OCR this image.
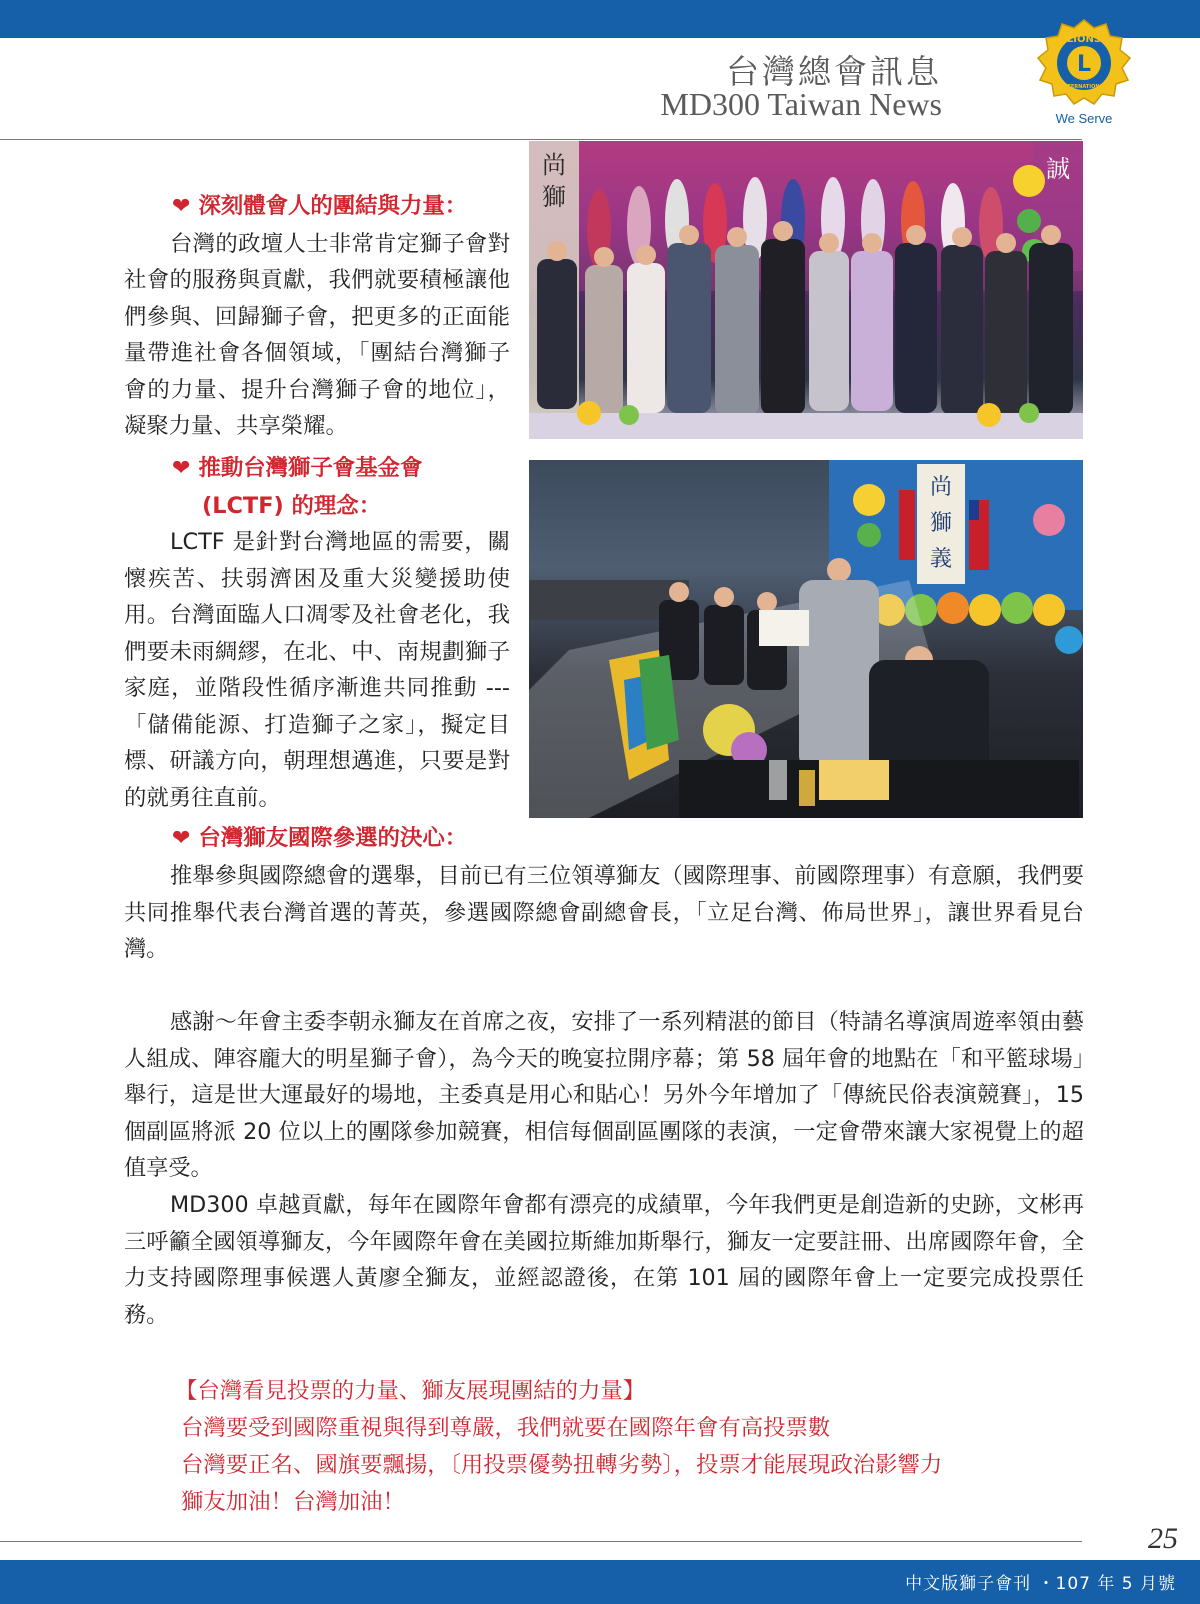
台灣總會訊息
MD300 Taiwan News
L
LIONS
INTERNATIONAL
We Serve
尚
獅
誠
尚
獅
義
❤ 深刻體會人的團結與力量：

台灣的政壇人士非常肯定獅子會對社會的服務與貢獻，我們就要積極讓他們參與、回歸獅子會，把更多的正面能量帶進社會各個領域，「團結台灣獅子會的力量、提升台灣獅子會的地位」，凝聚力量、共享榮耀。

❤ 推動台灣獅子會基金會
(LCTF) 的理念：

LCTF 是針對台灣地區的需要，關懷疾苦、扶弱濟困及重大災變援助使用。台灣面臨人口凋零及社會老化，我們要未雨綢繆，在北、中、南規劃獅子家庭，並階段性循序漸進共同推動 ---「儲備能源、打造獅子之家」，擬定目標、研議方向，朝理想邁進，只要是對的就勇往直前。

❤ 台灣獅友國際參選的決心：

推舉參與國際總會的選舉，目前已有三位領導獅友（國際理事、前國際理事）有意願，我們要共同推舉代表台灣首選的菁英，參選國際總會副總會長，「立足台灣、佈局世界」，讓世界看見台灣。

感謝～年會主委李朝永獅友在首席之夜，安排了一系列精湛的節目（特請名導演周遊率領由藝人組成、陣容龐大的明星獅子會），為今天的晚宴拉開序幕；第 58 屆年會的地點在「和平籃球場」舉行，這是世大運最好的場地，主委真是用心和貼心！另外今年增加了「傳統民俗表演競賽」，15 個副區將派 20 位以上的團隊參加競賽，相信每個副區團隊的表演，一定會帶來讓大家視覺上的超值享受。

MD300 卓越貢獻，每年在國際年會都有漂亮的成績單，今年我們更是創造新的史跡，文彬再三呼籲全國領導獅友，今年國際年會在美國拉斯維加斯舉行，獅友一定要註冊、出席國際年會，全力支持國際理事候選人黃廖全獅友，並經認證後，在第 101 屆的國際年會上一定要完成投票任務。

【台灣看見投票的力量、獅友展現團結的力量】
台灣要受到國際重視與得到尊嚴，我們就要在國際年會有高投票數
台灣要正名、國旗要飄揚，〔用投票優勢扭轉劣勢〕，投票才能展現政治影響力
獅友加油！台灣加油！
25
中文版獅子會刊 ・107 年 5 月號
